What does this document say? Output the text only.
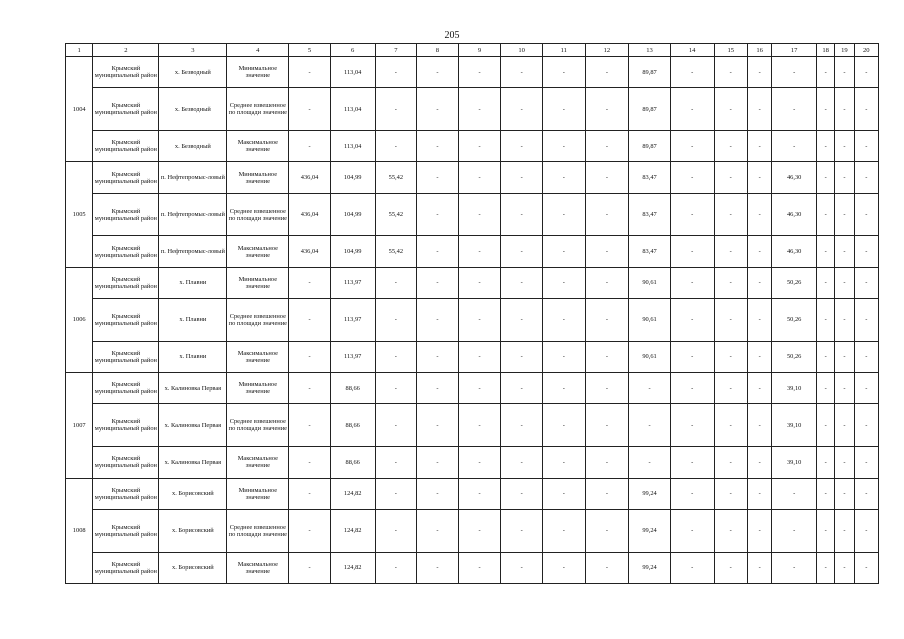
205
1	2	3	4	5	6	7	8	9	10	11	12	13	14	15	16	17	18	19	20
1004	Крымский муниципальный район	х. Безводный	Минимальное значение	-	113,04	-	-	-	-	-	-	89,87	-	-	-	-	-	-	-
	Крымский муниципальный район	х. Безводный	Среднее взвешенное по площади значение	-	113,04	-	-	-	-	-	-	89,87	-	-	-	-	-	-	-
	Крымский муниципальный район	х. Безводный	Максимальное значение	-	113,04	-	-	-	-	-	-	89,87	-	-	-	-	-	-	-
1005	Крымский муниципальный район	п. Нефтепромыс-ловый	Минимальное значение	436,04	104,99	55,42	-	-	-	-	-	83,47	-	-	-	46,30	-	-	-
	Крымский муниципальный район	п. Нефтепромыс-ловый	Среднее взвешенное по площади значение	436,04	104,99	55,42	-	-	-	-	-	83,47	-	-	-	46,30	-	-	-
	Крымский муниципальный район	п. Нефтепромыс-ловый	Максимальное значение	436,04	104,99	55,42	-	-	-	-	-	83,47	-	-	-	46,30	-	-	-
1006	Крымский муниципальный район	х. Плавни	Минимальное значение	-	113,97	-	-	-	-	-	-	90,61	-	-	-	50,26	-	-	-
	Крымский муниципальный район	х. Плавни	Среднее взвешенное по площади значение	-	113,97	-	-	-	-	-	-	90,61	-	-	-	50,26	-	-	-
	Крымский муниципальный район	х. Плавни	Максимальное значение	-	113,97	-	-	-	-	-	-	90,61	-	-	-	50,26	-	-	-
1007	Крымский муниципальный район	х. Калиновка Первая	Минимальное значение	-	88,66	-	-	-	-	-	-	-	-	-	-	39,10	-	-	-
	Крымский муниципальный район	х. Калиновка Первая	Среднее взвешенное по площади значение	-	88,66	-	-	-	-	-	-	-	-	-	-	39,10	-	-	-
	Крымский муниципальный район	х. Калиновка Первая	Максимальное значение	-	88,66	-	-	-	-	-	-	-	-	-	-	39,10	-	-	-
1008	Крымский муниципальный район	х. Борисовский	Минимальное значение	-	124,82	-	-	-	-	-	-	99,24	-	-	-	-	-	-	-
	Крымский муниципальный район	х. Борисовский	Среднее взвешенное по площади значение	-	124,82	-	-	-	-	-	-	99,24	-	-	-	-	-	-	-
	Крымский муниципальный район	х. Борисовский	Максимальное значение	-	124,82	-	-	-	-	-	-	99,24	-	-	-	-	-	-	-
